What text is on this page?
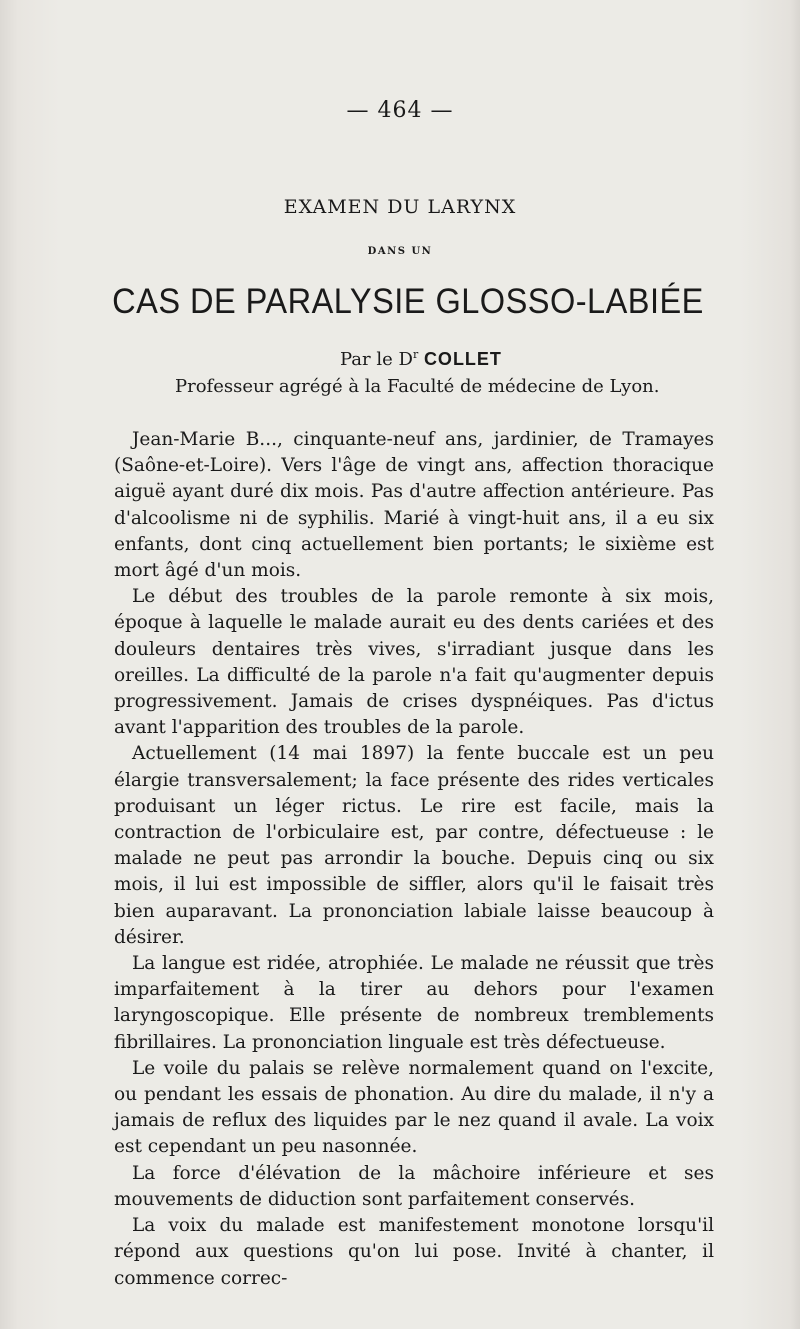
— 464 —
EXAMEN DU LARYNX
DANS UN
CAS DE PARALYSIE GLOSSO-LABIÉE
Par le $D^r$ COLLET
Professeur agrégé à la Faculté de médecine de Lyon.

Jean-Marie B..., cinquante-neuf ans, jardinier, de Tramayes (Saône-et-Loire). Vers l'âge de vingt ans, affection thoracique aiguë ayant duré dix mois. Pas d'autre affection antérieure. Pas d'alcoolisme ni de syphilis. Marié à vingt-huit ans, il a eu six enfants, dont cinq actuellement bien portants; le sixième est mort âgé d'un mois.

Le début des troubles de la parole remonte à six mois, époque à laquelle le malade aurait eu des dents cariées et des douleurs dentaires très vives, s'irradiant jusque dans les oreilles. La difficulté de la parole n'a fait qu'augmenter depuis progressivement. Jamais de crises dyspnéiques. Pas d'ictus avant l'apparition des troubles de la parole.

Actuellement (14 mai 1897) la fente buccale est un peu élargie transversalement; la face présente des rides verticales produisant un léger rictus. Le rire est facile, mais la contraction de l'orbiculaire est, par contre, défectueuse : le malade ne peut pas arrondir la bouche. Depuis cinq ou six mois, il lui est impossible de siffler, alors qu'il le faisait très bien auparavant. La prononciation labiale laisse beaucoup à désirer.

La langue est ridée, atrophiée. Le malade ne réussit que très imparfaitement à la tirer au dehors pour l'examen laryngoscopique. Elle présente de nombreux tremblements fibrillaires. La prononciation linguale est très défectueuse.

Le voile du palais se relève normalement quand on l'excite, ou pendant les essais de phonation. Au dire du malade, il n'y a jamais de reflux des liquides par le nez quand il avale. La voix est cependant un peu nasonnée.

La force d'élévation de la mâchoire inférieure et ses mouvements de diduction sont parfaitement conservés.

La voix du malade est manifestement monotone lorsqu'il répond aux questions qu'on lui pose. Invité à chanter, il commence correc-
